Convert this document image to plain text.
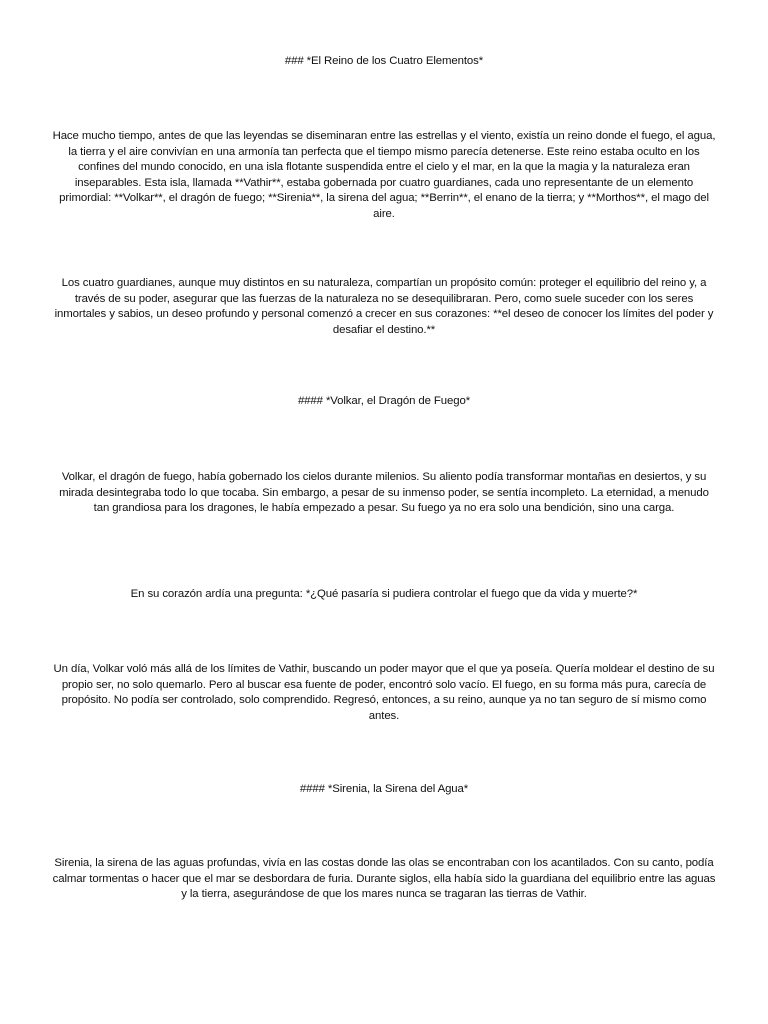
### *El Reino de los Cuatro Elementos*

Hace mucho tiempo, antes de que las leyendas se diseminaran entre las estrellas y el viento, existía un reino donde el fuego, el agua, la tierra y el aire convivían en una armonía tan perfecta que el tiempo mismo parecía detenerse. Este reino estaba oculto en los confines del mundo conocido, en una isla flotante suspendida entre el cielo y el mar, en la que la magia y la naturaleza eran inseparables. Esta isla, llamada **Vathir**, estaba gobernada por cuatro guardianes, cada uno representante de un elemento primordial: **Volkar**, el dragón de fuego; **Sirenia**, la sirena del agua; **Berrin**, el enano de la tierra; y **Morthos**, el mago del aire.

Los cuatro guardianes, aunque muy distintos en su naturaleza, compartían un propósito común: proteger el equilibrio del reino y, a través de su poder, asegurar que las fuerzas de la naturaleza no se desequilibraran. Pero, como suele suceder con los seres inmortales y sabios, un deseo profundo y personal comenzó a crecer en sus corazones: **el deseo de conocer los límites del poder y desafiar el destino.**

#### *Volkar, el Dragón de Fuego*

Volkar, el dragón de fuego, había gobernado los cielos durante milenios. Su aliento podía transformar montañas en desiertos, y su mirada desintegraba todo lo que tocaba. Sin embargo, a pesar de su inmenso poder, se sentía incompleto. La eternidad, a menudo tan grandiosa para los dragones, le había empezado a pesar. Su fuego ya no era solo una bendición, sino una carga.

En su corazón ardía una pregunta: *¿Qué pasaría si pudiera controlar el fuego que da vida y muerte?*

Un día, Volkar voló más allá de los límites de Vathir, buscando un poder mayor que el que ya poseía. Quería moldear el destino de su propio ser, no solo quemarlo. Pero al buscar esa fuente de poder, encontró solo vacío. El fuego, en su forma más pura, carecía de propósito. No podía ser controlado, solo comprendido. Regresó, entonces, a su reino, aunque ya no tan seguro de sí mismo como antes.

#### *Sirenia, la Sirena del Agua*

Sirenia, la sirena de las aguas profundas, vivía en las costas donde las olas se encontraban con los acantilados. Con su canto, podía calmar tormentas o hacer que el mar se desbordara de furia. Durante siglos, ella había sido la guardiana del equilibrio entre las aguas y la tierra, asegurándose de que los mares nunca se tragaran las tierras de Vathir.
